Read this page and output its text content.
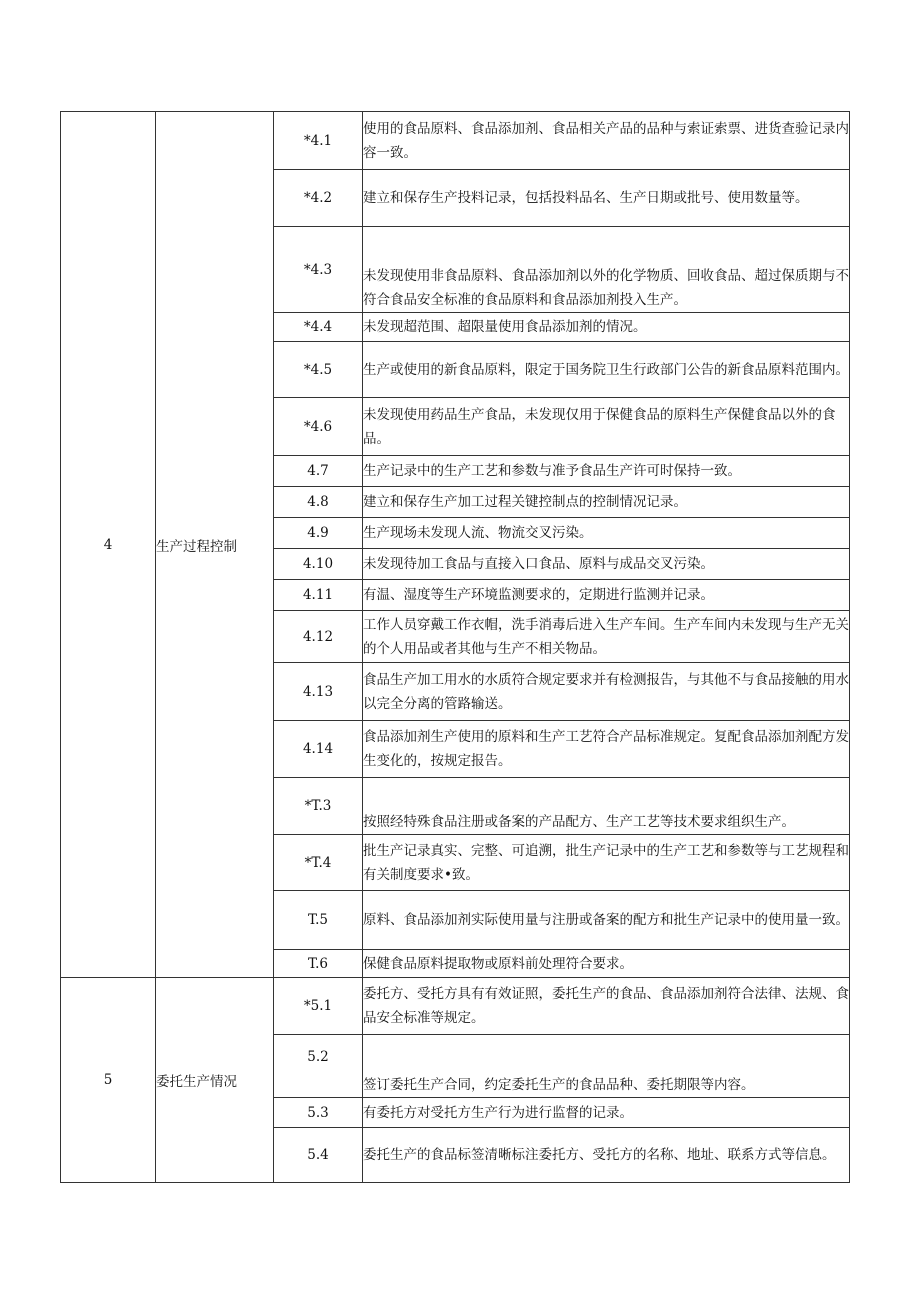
4	生产过程控制	*4.1	使用的食品原料、食品添加剂、食品相关产品的品种与索证索票、进货查验记录内容一致。
		*4.2	建立和保存生产投料记录，包括投料品名、生产日期或批号、使用数量等。
		*4.3	未发现使用非食品原料、食品添加剂以外的化学物质、回收食品、超过保质期与不符合食品安全标准的食品原料和食品添加剂投入生产。
		*4.4	未发现超范围、超限量使用食品添加剂的情况。
		*4.5	生产或使用的新食品原料，限定于国务院卫生行政部门公告的新食品原料范围内。
		*4.6	未发现使用药品生产食品，未发现仅用于保健食品的原料生产保健食品以外的食品。
		4.7	生产记录中的生产工艺和参数与准予食品生产许可时保持一致。
		4.8	建立和保存生产加工过程关键控制点的控制情况记录。
		4.9	生产现场未发现人流、物流交叉污染。
		4.10	未发现待加工食品与直接入口食品、原料与成品交叉污染。
		4.11	有温、湿度等生产环境监测要求的，定期进行监测并记录。
		4.12	工作人员穿戴工作衣帽，洗手消毒后进入生产车间。生产车间内未发现与生产无关的个人用品或者其他与生产不相关物品。
		4.13	食品生产加工用水的水质符合规定要求并有检测报告，与其他不与食品接触的用水以完全分离的管路输送。
		4.14	食品添加剂生产使用的原料和生产工艺符合产品标准规定。复配食品添加剂配方发生变化的，按规定报告。
		*T.3	按照经特殊食品注册或备案的产品配方、生产工艺等技术要求组织生产。
		*T.4	批生产记录真实、完整、可追溯，批生产记录中的生产工艺和参数等与工艺规程和有关制度要求•致。
		T.5	原料、食品添加剂实际使用量与注册或备案的配方和批生产记录中的使用量一致。
		T.6	保健食品原料提取物或原料前处理符合要求。
5	委托生产情况	*5.1	委托方、受托方具有有效证照，委托生产的食品、食品添加剂符合法律、法规、食品安全标准等规定。
		5.2	签订委托生产合同，约定委托生产的食品品种、委托期限等内容。
		5.3	有委托方对受托方生产行为进行监督的记录。
		5.4	委托生产的食品标签清晰标注委托方、受托方的名称、地址、联系方式等信息。
